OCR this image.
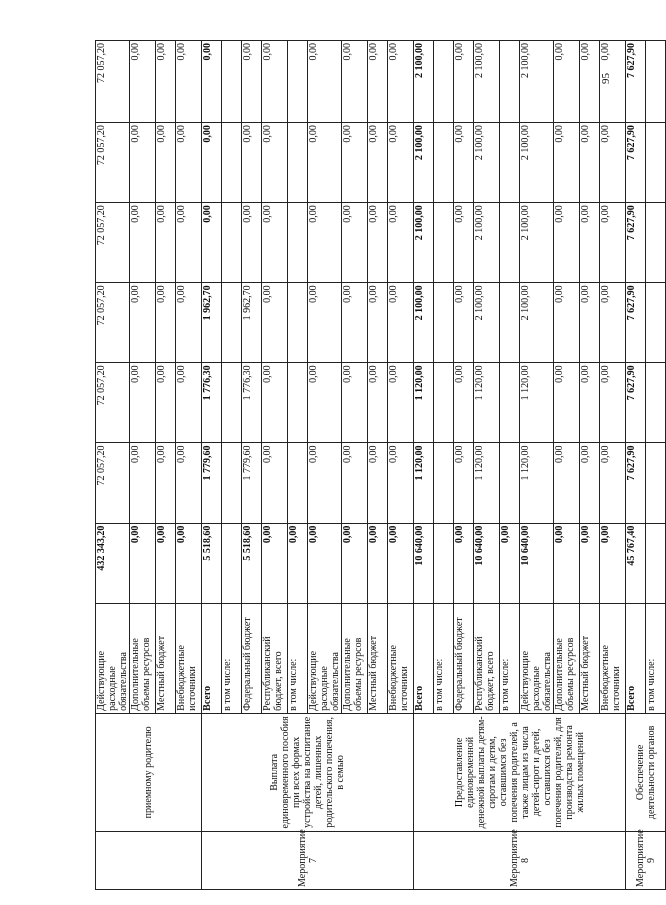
95
	приемному родителю	Действующие расходные обязательства	432 343,20	72 057,20	72 057,20	72 057,20	72 057,20	72 057,20	72 057,20
		Дополнительные объемы ресурсов	0,00	0,00	0,00	0,00	0,00	0,00	0,00
		Местный бюджет	0,00	0,00	0,00	0,00	0,00	0,00	0,00
		Внебюджетные источники	0,00	0,00	0,00	0,00	0,00	0,00	0,00
Мероприятие 7	Выплата единовременного пособия при всех формах устройства на воспитание детей, лишенных родительского попечения, в семью	Всего	5 518,60	1 779,60	1 776,30	1 962,70	0,00	0,00	0,00
		в том числе:							
		Федеральный бюджет	5 518,60	1 779,60	1 776,30	1 962,70	0,00	0,00	0,00
		Республиканский бюджет, всего	0,00	0,00	0,00	0,00	0,00	0,00	0,00
		в том числе:	0,00						
		Действующие расходные обязательства	0,00	0,00	0,00	0,00	0,00	0,00	0,00
		Дополнительные объемы ресурсов	0,00	0,00	0,00	0,00	0,00	0,00	0,00
		Местный бюджет	0,00	0,00	0,00	0,00	0,00	0,00	0,00
		Внебюджетные источники	0,00	0,00	0,00	0,00	0,00	0,00	0,00
Мероприятие 8	Предоставление единовременной денежной выплаты детям-сиротам и детям, оставшимся без попечения родителей, а также лицам из числа детей-сирот и детей, оставшихся без попечения родителей, для производства ремонта жилых помещений	Всего	10 640,00	1 120,00	1 120,00	2 100,00	2 100,00	2 100,00	2 100,00
		в том числе:							
		Федеральный бюджет	0,00	0,00	0,00	0,00	0,00	0,00	0,00
		Республиканский бюджет, всего	10 640,00	1 120,00	1 120,00	2 100,00	2 100,00	2 100,00	2 100,00
		в том числе:	0,00						
		Действующие расходные обязательства	10 640,00	1 120,00	1 120,00	2 100,00	2 100,00	2 100,00	2 100,00
		Дополнительные объемы ресурсов	0,00	0,00	0,00	0,00	0,00	0,00	0,00
		Местный бюджет	0,00	0,00	0,00	0,00	0,00	0,00	0,00
		Внебюджетные источники	0,00	0,00	0,00	0,00	0,00	0,00	0,00
Мероприятие 9	Обеспечение деятельности органов	Всего	45 767,40	7 627,90	7 627,90	7 627,90	7 627,90	7 627,90	7 627,90
		в том числе:							
